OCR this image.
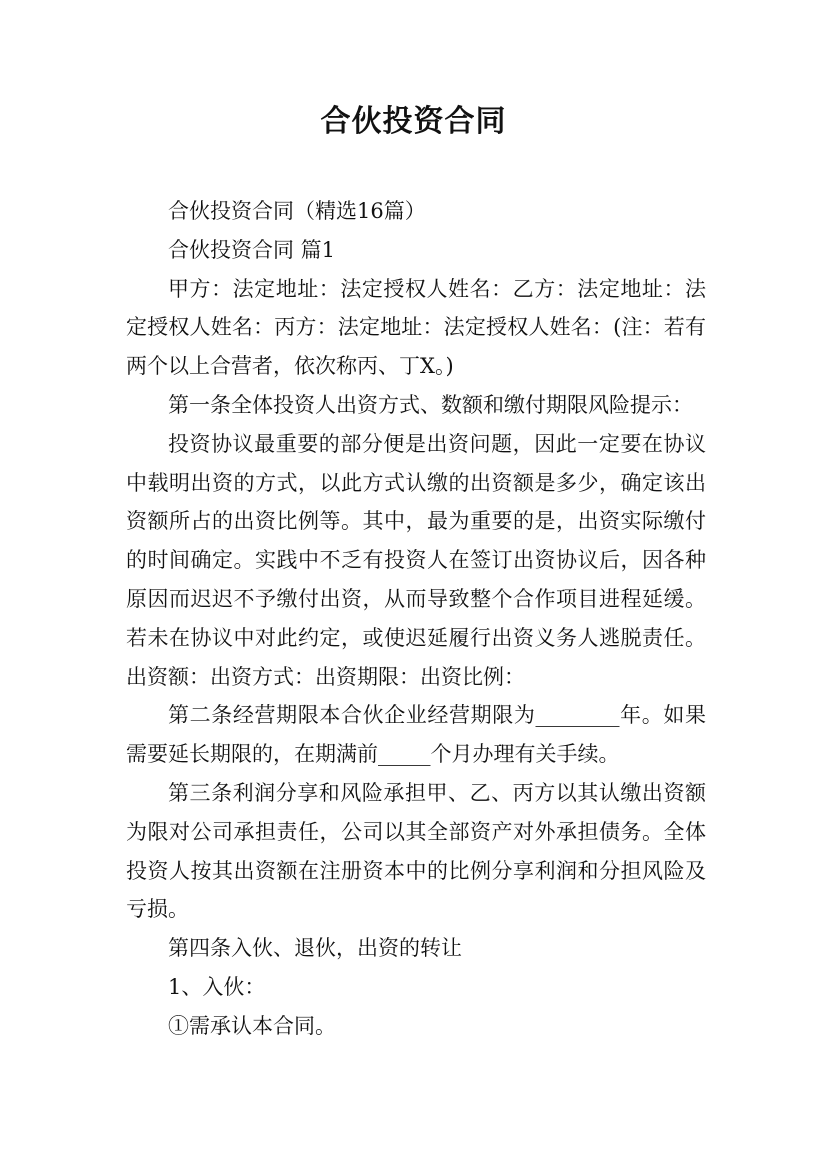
合伙投资合同

合伙投资合同（精选16篇）

合伙投资合同 篇1

甲方：法定地址：法定授权人姓名：乙方：法定地址：法定授权人姓名：丙方：法定地址：法定授权人姓名：(注：若有两个以上合营者，依次称丙、丁X。)

第一条全体投资人出资方式、数额和缴付期限风险提示：

投资协议最重要的部分便是出资问题，因此一定要在协议中载明出资的方式，以此方式认缴的出资额是多少，确定该出资额所占的出资比例等。其中，最为重要的是，出资实际缴付的时间确定。实践中不乏有投资人在签订出资协议后，因各种原因而迟迟不予缴付出资，从而导致整个合作项目进程延缓。若未在协议中对此约定，或使迟延履行出资义务人逃脱责任。出资额：出资方式：出资期限：出资比例：

第二条经营期限本合伙企业经营期限为________年。如果需要延长期限的，在期满前_____个月办理有关手续。

第三条利润分享和风险承担甲、乙、丙方以其认缴出资额为限对公司承担责任，公司以其全部资产对外承担债务。全体投资人按其出资额在注册资本中的比例分享利润和分担风险及亏损。

第四条入伙、退伙，出资的转让

1、入伙：

①需承认本合同。
